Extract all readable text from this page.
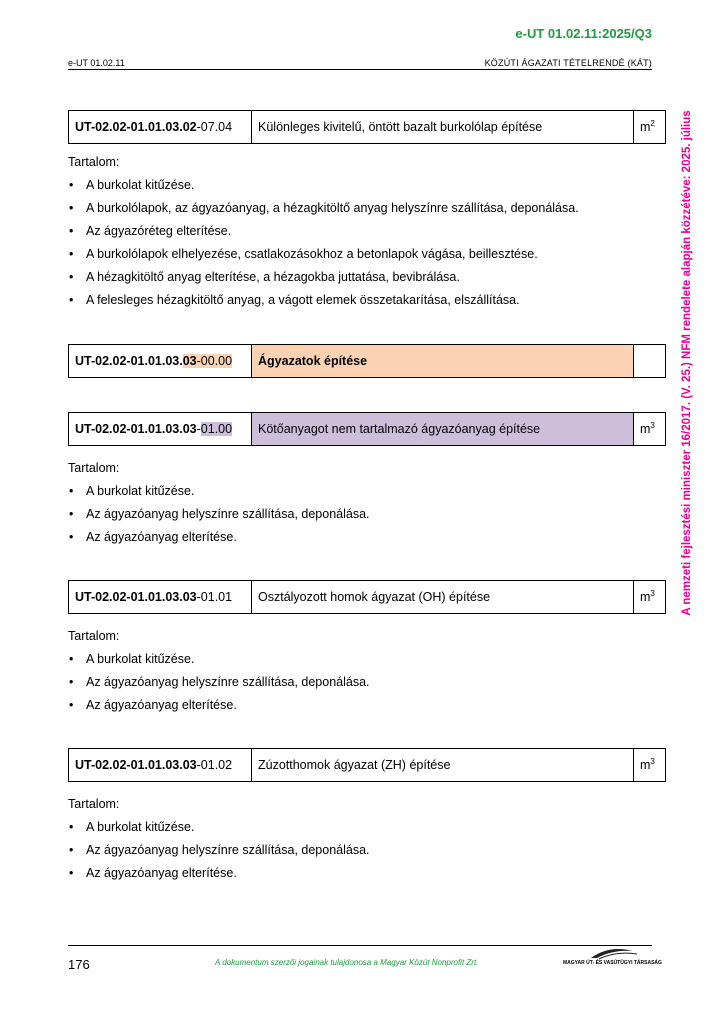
e-UT 01.02.11:2025/Q3
e-UT 01.02.11	KÖZÚTI ÁGAZATI TÉTELRENDÉ (KÁT)
A nemzeti fejlesztési miniszter 16/2017. (V. 25.) NFM rendelete alapján közzétéve: 2025. július
UT-02.02-01.01.03.02-07.04	Különleges kivitelű, öntött bazalt burkolólap építése	$m^2$

Tartalom:

• A burkolat kitűzése.
• A burkolólapok, az ágyazóanyag, a hézagkitöltő anyag helyszínre szállítása, deponálása.
• Az ágyazóréteg elterítése.
• A burkolólapok elhelyezése, csatlakozásokhoz a betonlapok vágása, beillesztése.
• A hézagkitöltő anyag elterítése, a hézagokba juttatása, bevibrálása.
• A felesleges hézagkitöltő anyag, a vágott elemek összetakarítása, elszállítása.
UT-02.02-01.01.03.03-00.00	Ágyazatok építése	
UT-02.02-01.01.03.03-01.00	Kötőanyagot nem tartalmazó ágyazóanyag építése	$m^3$

Tartalom:

• A burkolat kitűzése.
• Az ágyazóanyag helyszínre szállítása, deponálása.
• Az ágyazóanyag elterítése.
UT-02.02-01.01.03.03-01.01	Osztályozott homok ágyazat (OH) építése	$m^3$

Tartalom:

• A burkolat kitűzése.
• Az ágyazóanyag helyszínre szállítása, deponálása.
• Az ágyazóanyag elterítése.
UT-02.02-01.01.03.03-01.02	Zúzotthomok ágyazat (ZH) építése	$m^3$

Tartalom:

• A burkolat kitűzése.
• Az ágyazóanyag helyszínre szállítása, deponálása.
• Az ágyazóanyag elterítése.
176	A dokumentum szerzői jogainak tulajdonosa a Magyar Közút Nonprofit Zrt.	MAGYAR ÚT- ÉS VASÚTÜGYI TÁRSASÁG
